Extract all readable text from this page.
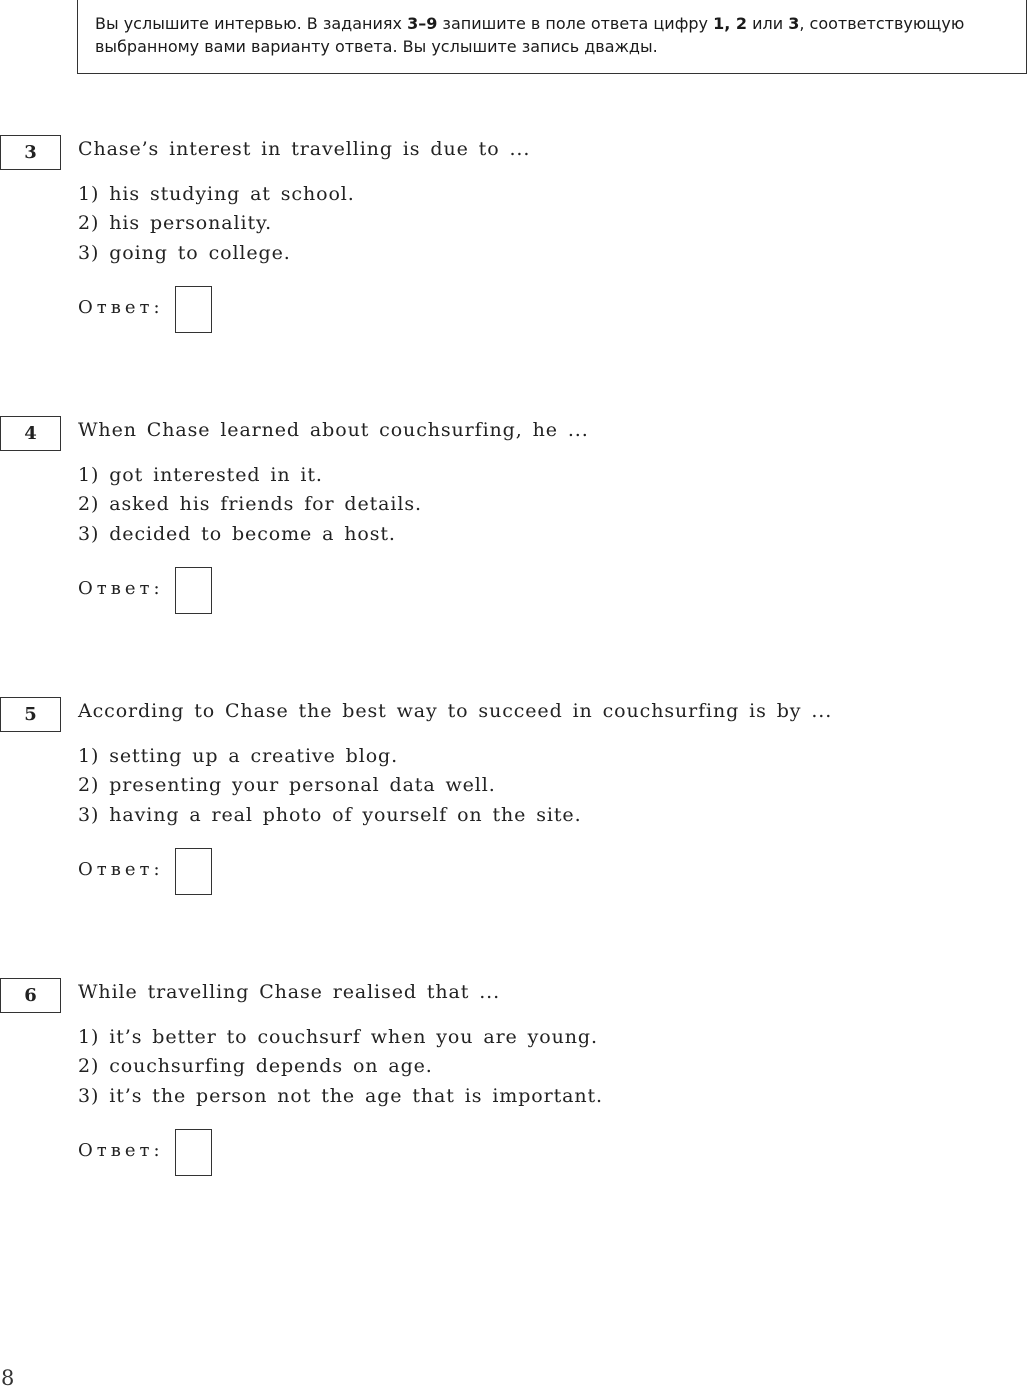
Вы услышите интервью. В заданиях 3–9 запишите в поле ответа цифру 1, 2 или 3, соответствующую выбранному вами варианту ответа. Вы услышите запись дважды.
3	Chase’s interest in travelling is due to ...
1) his studying at school.
2) his personality.
3) going to college.
Ответ:
4	When Chase learned about couchsurfing, he ...
1) got interested in it.
2) asked his friends for details.
3) decided to become a host.
Ответ:
5	According to Chase the best way to succeed in couchsurfing is by ...
1) setting up a creative blog.
2) presenting your personal data well.
3) having a real photo of yourself on the site.
Ответ:
6	While travelling Chase realised that ...
1) it’s better to couchsurf when you are young.
2) couchsurfing depends on age.
3) it’s the person not the age that is important.
Ответ:
8
